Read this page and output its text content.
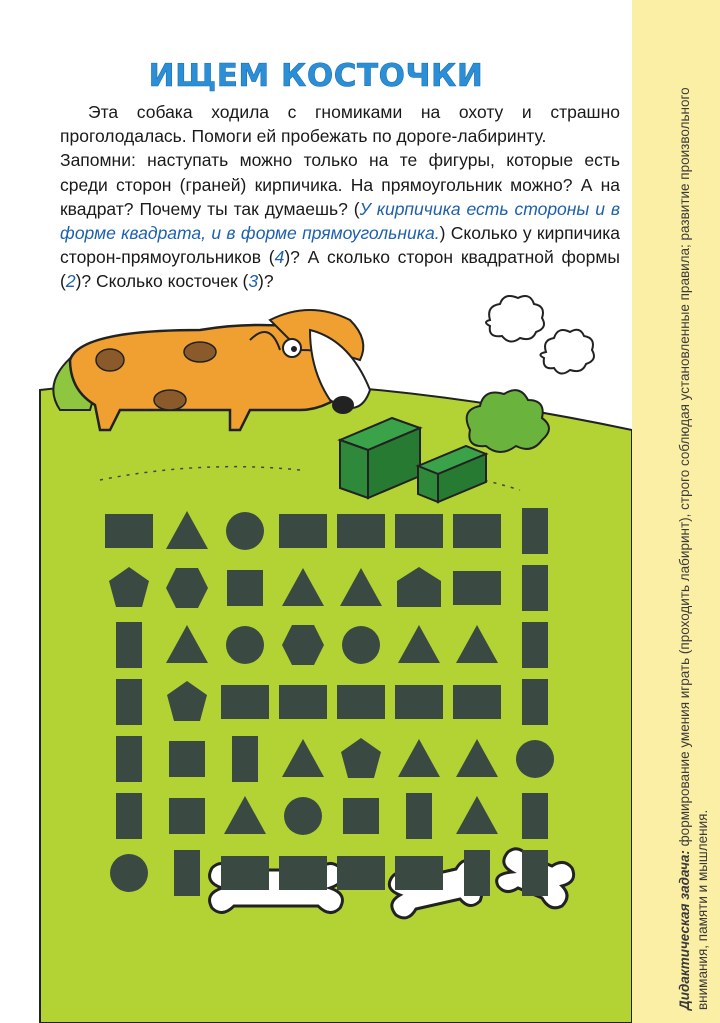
ИЩЕМ КОСТОЧКИ

Эта собака ходила с гномиками на охоту и страшно проголодалась. Помоги ей пробежать по дороге-лабиринту.

Запомни: наступать можно только на те фигуры, которые есть среди сторон (граней) кирпичика. На прямоугольник можно? А на квадрат? Почему ты так думаешь? (У кирпичика есть стороны и в форме квадрата, и в форме прямоугольника.) Сколько у кирпичика сторон-прямоугольников (4)? А сколько сторон квадратной формы (2)? Сколько косточек (3)?

Дидактическая задача: формирование умения играть (проходить лабиринт), строго соблюдая установленные правила; развитие произвольного внимания, памяти и мышления.
